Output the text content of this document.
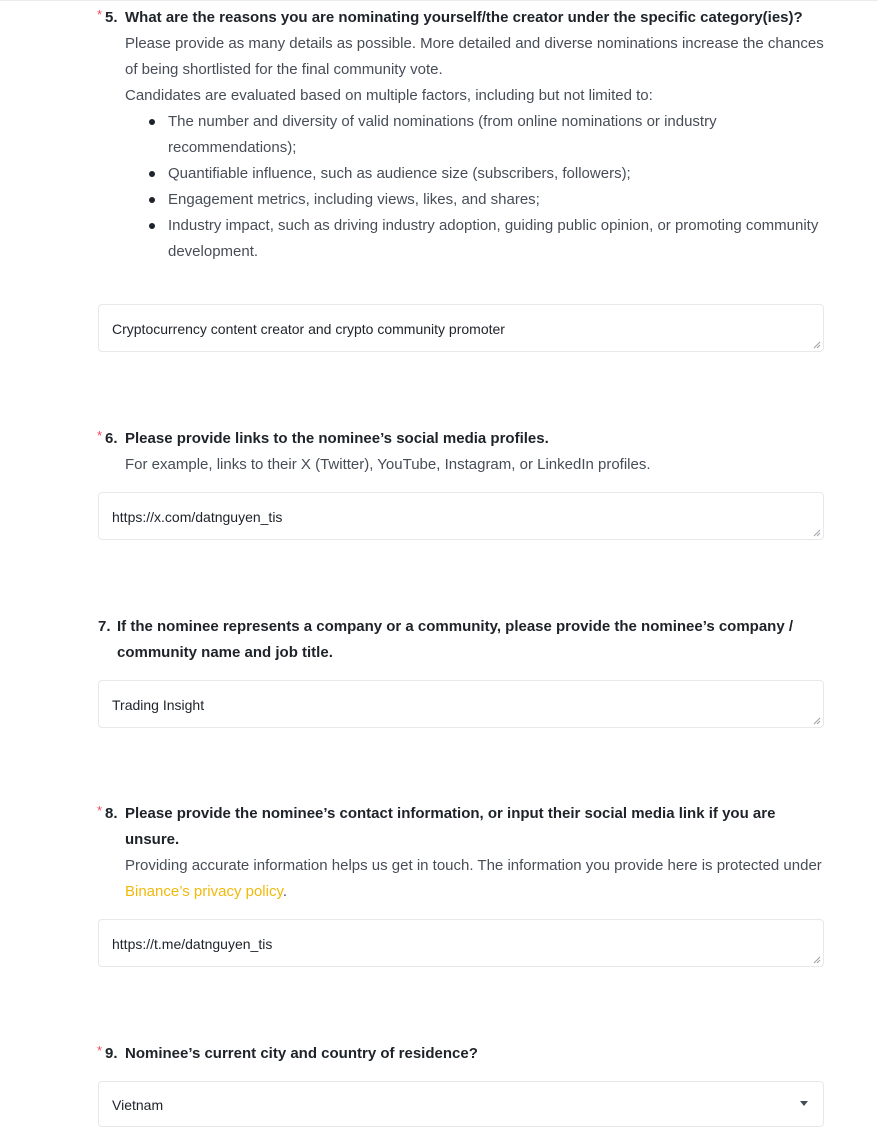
* 5. What are the reasons you are nominating yourself/the creator under the specific category(ies)?

Please provide as many details as possible. More detailed and diverse nominations increase the chances of being shortlisted for the final community vote.

Candidates are evaluated based on multiple factors, including but not limited to:

The number and diversity of valid nominations (from online nominations or industry recommendations);
Quantifiable influence, such as audience size (subscribers, followers);
Engagement metrics, including views, likes, and shares;
Industry impact, such as driving industry adoption, guiding public opinion, or promoting community development.
Cryptocurrency content creator and crypto community promoter
* 6. Please provide links to the nominee’s social media profiles.

For example, links to their X (Twitter), YouTube, Instagram, or LinkedIn profiles.

https://x.com/datnguyen_tis
7. If the nominee represents a company or a community, please provide the nominee’s company / community name and job title.
Trading Insight
* 8. Please provide the nominee’s contact information, or input their social media link if you are unsure.

Providing accurate information helps us get in touch. The information you provide here is protected under Binance’s privacy policy.

https://t.me/datnguyen_tis
* 9. Nominee’s current city and country of residence?
Vietnam
